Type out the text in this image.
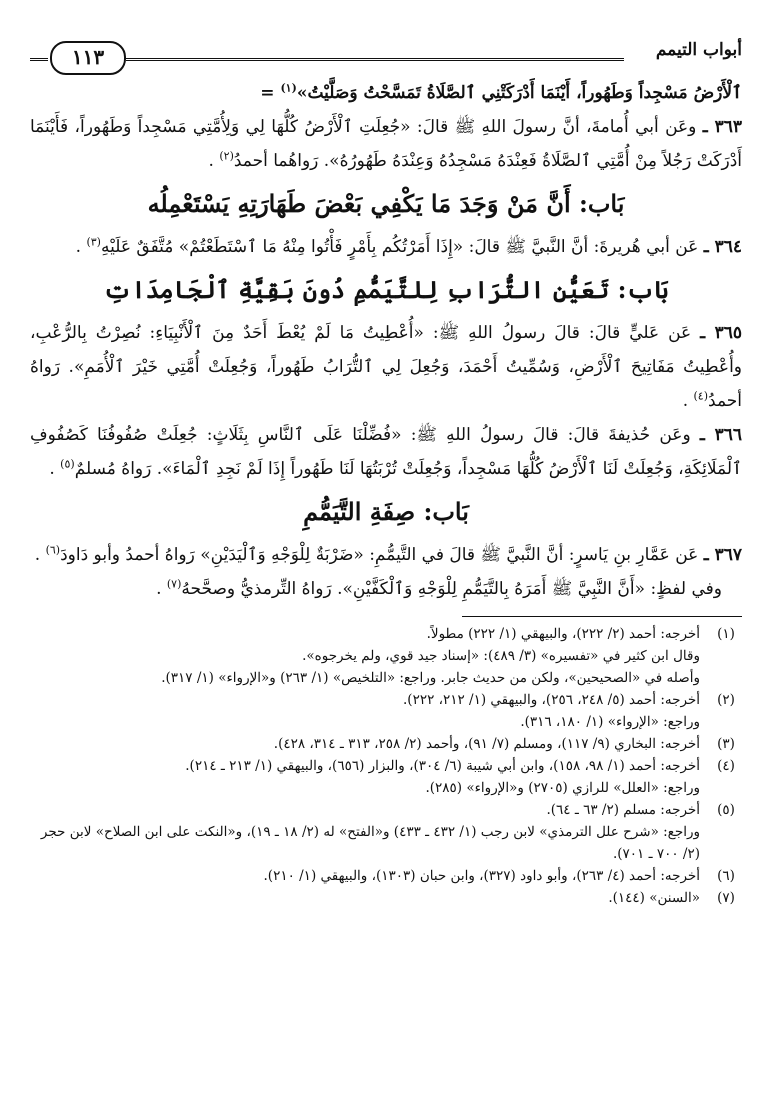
أبواب التيمم
١١٣

ٱلْأَرْضُ مَسْجِداً وَطَهُوراً، أَيْنَمَا أَدْرَكَتْنِي ٱلصَّلَاةُ تَمَسَّحْتُ وَصَلَّيْتُ»$^{(١)}$ =

٣٦٣ ـ وعَن أبي أُمامةَ، أنَّ رسولَ اللهِ ﷺ قالَ: «جُعِلَتِ ٱلْأَرْضُ كُلُّهَا لِي وَلِأُمَّتِي مَسْجِداً وَطَهُوراً، فَأَيْنَمَا أَدْرَكَتْ رَجُلاً مِنْ أُمَّتِي ٱلصَّلَاةُ فَعِنْدَهُ مَسْجِدُهُ وَعِنْدَهُ طَهُورُهُ». رَواهُما أحمدُ$^{(٢)}$ .

بَاب: أَنَّ مَنْ وَجَدَ مَا يَكْفِي بَعْضَ طَهَارَتِهِ يَسْتَعْمِلُه

٣٦٤ ـ عَن أبي هُريرةَ: أنَّ النَّبيَّ ﷺ قالَ: «إِذَا أَمَرْتُكُم بِأَمْرٍ فَأْتُوا مِنْهُ مَا ٱسْتَطَعْتُمْ» مُتَّفَقٌ عَلَيْهِ$^{(٣)}$ .

بَاب: تَعَيُّنِ التُّرَابِ لِلتَّيَمُّمِ دُونَ بَقِيَّةِ ٱلْجَامِدَاتِ

٣٦٥ ـ عَن عَليٍّ قالَ: قالَ رسولُ اللهِ ﷺ: «أُعْطِيتُ مَا لَمْ يُعْطَ أَحَدٌ مِنَ ٱلْأَنْبِيَاءِ: نُصِرْتُ بِالرُّعْبِ، وأُعْطِيتُ مَفَاتِيحَ ٱلْأَرْضِ، وَسُمِّيتُ أَحْمَدَ، وَجُعِلَ لِي ٱلتُّرَابُ طَهُوراً، وَجُعِلَتْ أُمَّتِي خَيْرَ ٱلْأُمَمِ». رَواهُ أحمدُ$^{(٤)}$ .

٣٦٦ ـ وعَن حُذيفةَ قالَ: قالَ رسولُ اللهِ ﷺ: «فُضِّلْنَا عَلَى ٱلنَّاسِ بِثَلَاثٍ: جُعِلَتْ صُفُوفُنَا كَصُفُوفِ ٱلْمَلَائِكَةِ، وَجُعِلَتْ لَنَا ٱلْأَرْضُ كُلُّهَا مَسْجِداً، وَجُعِلَتْ تُرْبَتُهَا لَنَا طَهُوراً إِذَا لَمْ نَجِدِ ٱلْمَاءَ». رَواهُ مُسلمٌ$^{(٥)}$ .

بَاب: صِفَةِ التَّيَمُّمِ

٣٦٧ ـ عَن عَمَّارِ بنِ يَاسرٍ: أنَّ النَّبيَّ ﷺ قالَ في التَّيمُّمِ: «ضَرْبَةٌ لِلْوَجْهِ وَٱلْيَدَيْنِ» رَواهُ أحمدُ وأبو دَاودَ$^{(٦)}$ .

وفي لفظٍ: «أَنَّ النَّبِيَّ ﷺ أَمَرَهُ بِالتَّيَمُّمِ لِلْوَجْهِ وَٱلْكَفَّيْنِ». رَواهُ التِّرمذيُّ وصحَّحهُ$^{(٧)}$ .

(١)
أخرجه: أحمد (٢/ ٢٢٢)، والبيهقي (١/ ٢٢٢) مطولاً.
وقال ابن كثير في «تفسيره» (٣/ ٤٨٩): «إسناد جيد قوي، ولم يخرجوه».
وأصله في «الصحيحين»، ولكن من حديث جابر. وراجع: «التلخيص» (١/ ٢٦٣) و«الإرواء» (١/ ٣١٧).

(٢)
أخرجه: أحمد (٥/ ٢٤٨، ٢٥٦)، والبيهقي (١/ ٢١٢، ٢٢٢).
وراجع: «الإرواء» (١/ ١٨٠، ٣١٦).

(٣)
أخرجه: البخاري (٩/ ١١٧)، ومسلم (٧/ ٩١)، وأحمد (٢/ ٢٥٨، ٣١٣ ـ ٣١٤، ٤٢٨).

(٤)
أخرجه: أحمد (١/ ٩٨، ١٥٨)، وابن أبي شيبة (٦/ ٣٠٤)، والبزار (٦٥٦)، والبيهقي (١/ ٢١٣ ـ ٢١٤).
وراجع: «العلل» للرازي (٢٧٠٥) و«الإرواء» (٢٨٥).

(٥)
أخرجه: مسلم (٢/ ٦٣ ـ ٦٤).
وراجع: «شرح علل الترمذي» لابن رجب (١/ ٤٣٢ ـ ٤٣٣) و«الفتح» له (٢/ ١٨ ـ ١٩)، و«النكت على ابن الصلاح» لابن حجر (٢/ ٧٠٠ ـ ٧٠١).

(٦)
أخرجه: أحمد (٤/ ٢٦٣)، وأبو داود (٣٢٧)، وابن حبان (١٣٠٣)، والبيهقي (١/ ٢١٠).

(٧)
«السنن» (١٤٤).
